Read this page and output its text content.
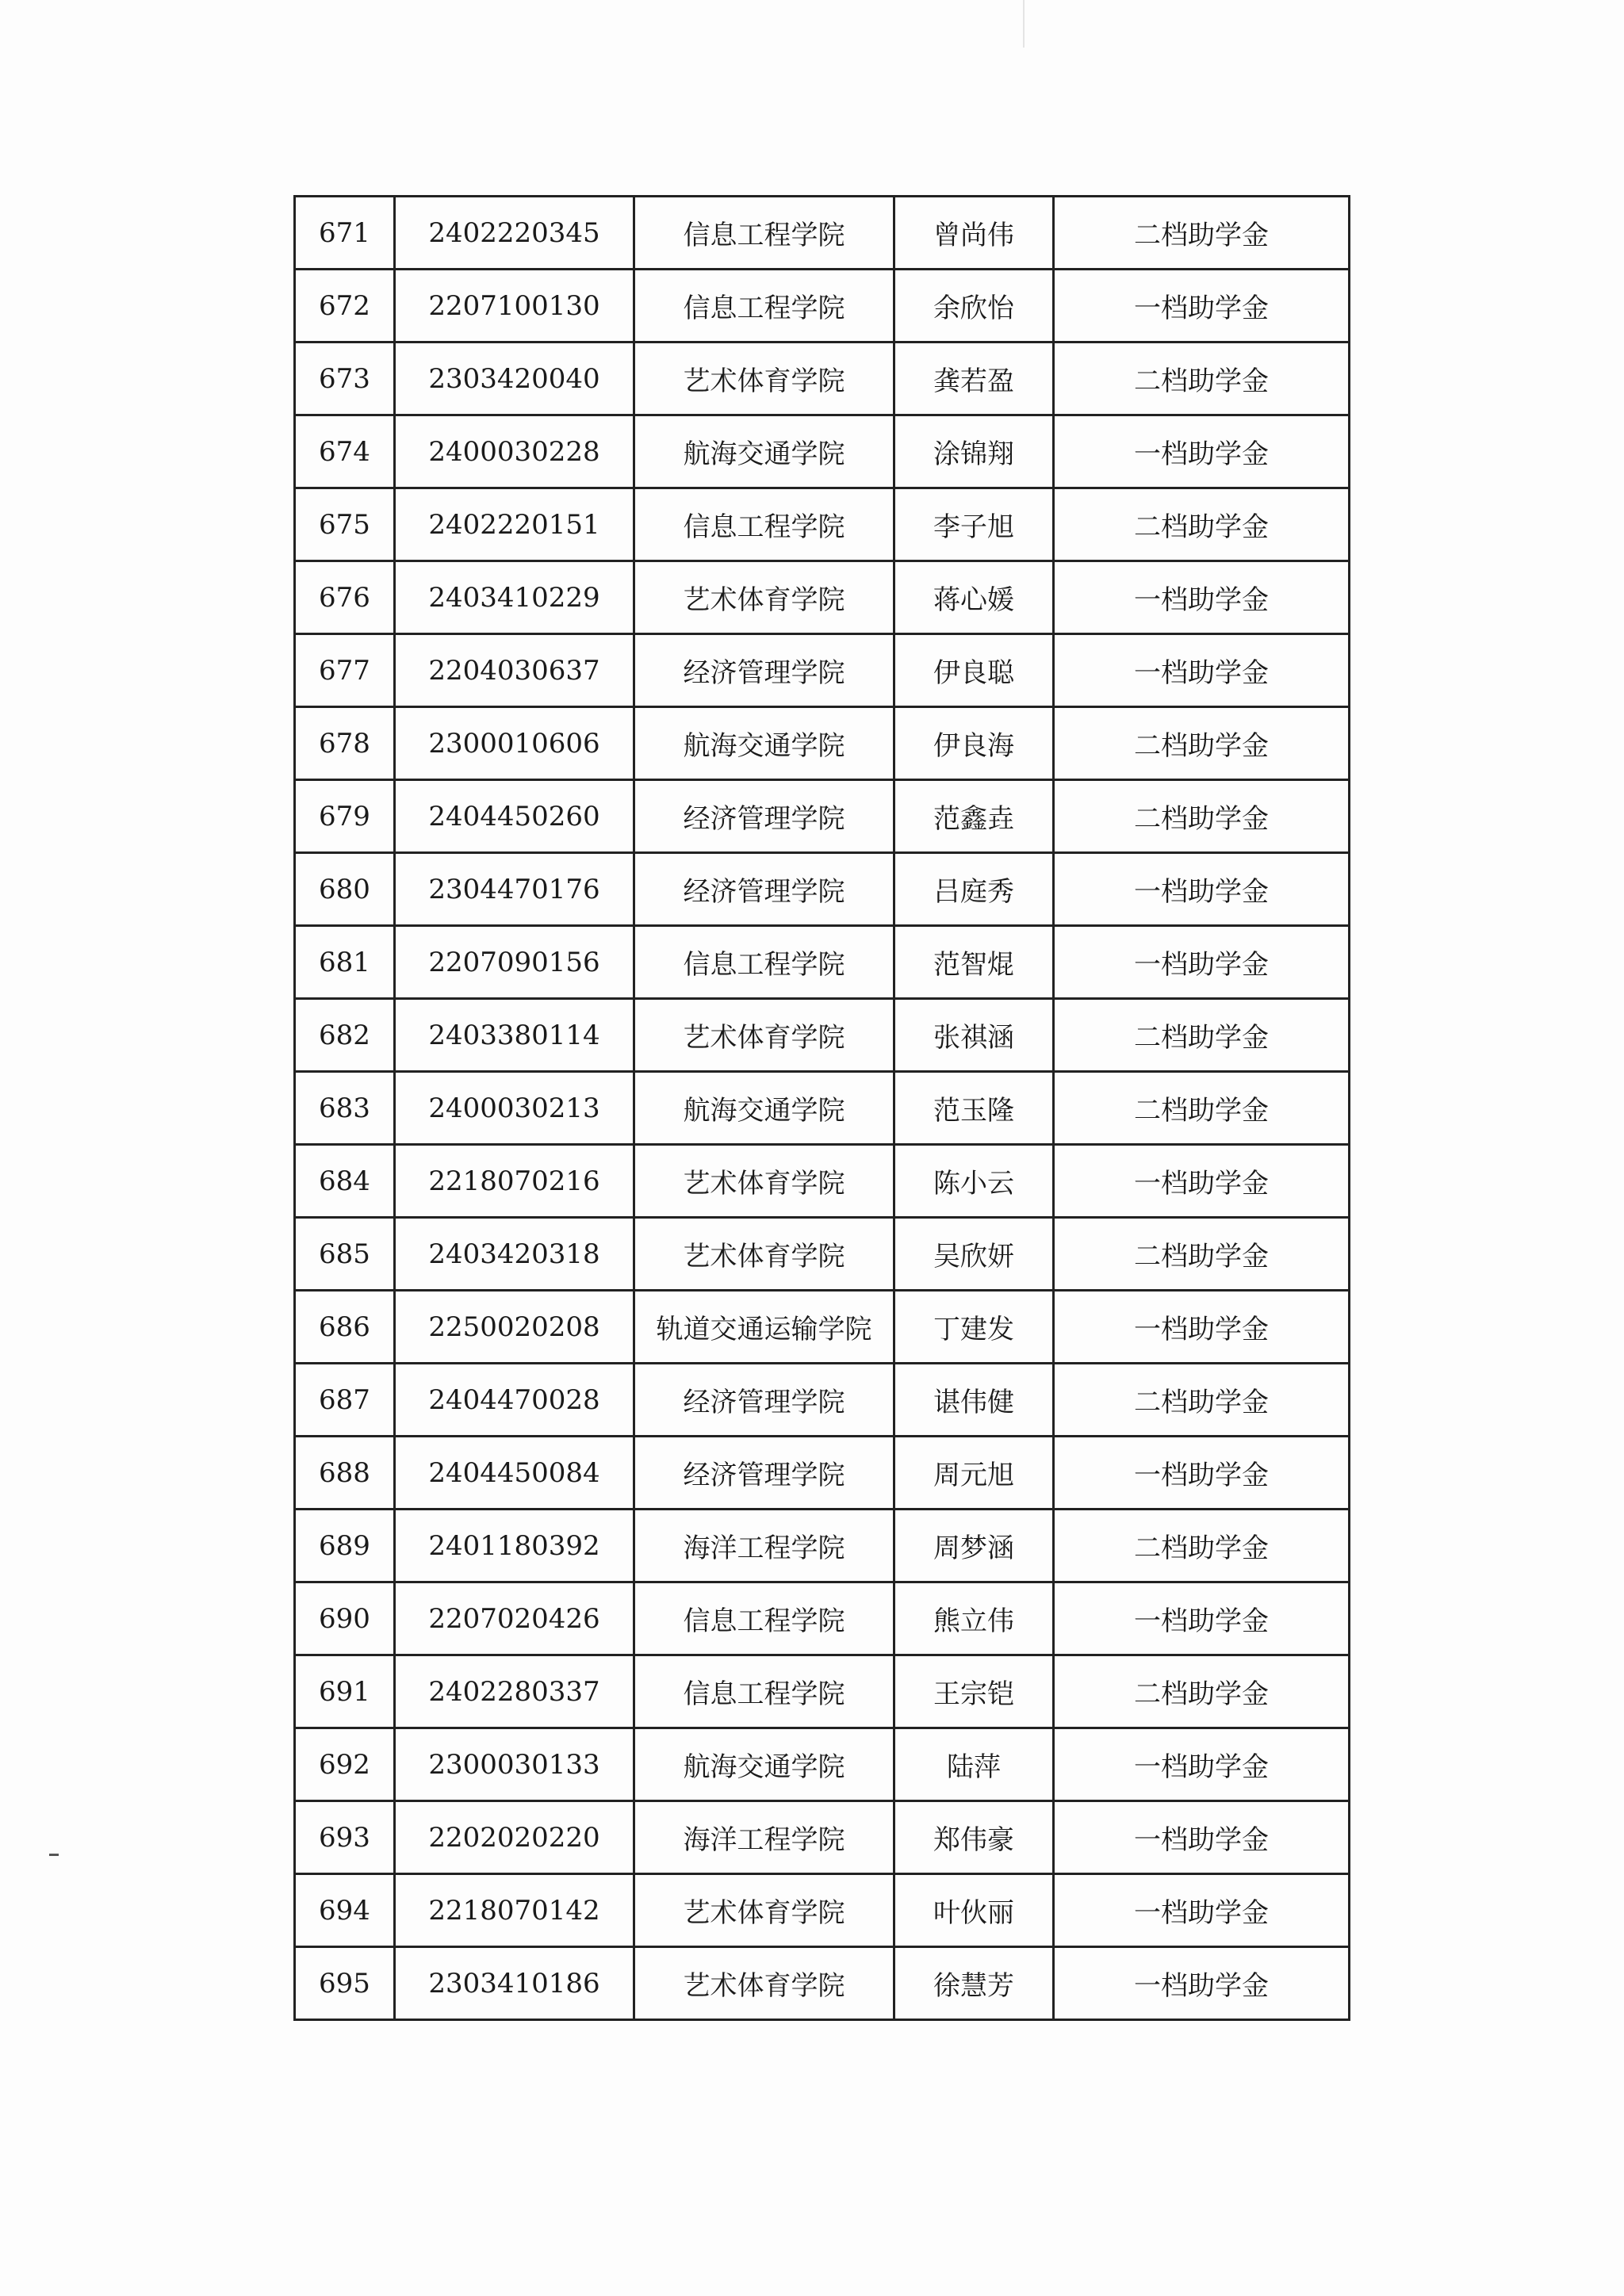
671	2402220345	信息工程学院	曾尚伟	二档助学金
672	2207100130	信息工程学院	余欣怡	一档助学金
673	2303420040	艺术体育学院	龚若盈	二档助学金
674	2400030228	航海交通学院	涂锦翔	一档助学金
675	2402220151	信息工程学院	李子旭	二档助学金
676	2403410229	艺术体育学院	蒋心媛	一档助学金
677	2204030637	经济管理学院	伊良聪	一档助学金
678	2300010606	航海交通学院	伊良海	二档助学金
679	2404450260	经济管理学院	范鑫垚	二档助学金
680	2304470176	经济管理学院	吕庭秀	一档助学金
681	2207090156	信息工程学院	范智焜	一档助学金
682	2403380114	艺术体育学院	张祺涵	二档助学金
683	2400030213	航海交通学院	范玉隆	二档助学金
684	2218070216	艺术体育学院	陈小云	一档助学金
685	2403420318	艺术体育学院	吴欣妍	二档助学金
686	2250020208	轨道交通运输学院	丁建发	一档助学金
687	2404470028	经济管理学院	谌伟健	二档助学金
688	2404450084	经济管理学院	周元旭	一档助学金
689	2401180392	海洋工程学院	周梦涵	二档助学金
690	2207020426	信息工程学院	熊立伟	一档助学金
691	2402280337	信息工程学院	王宗铠	二档助学金
692	2300030133	航海交通学院	陆萍	一档助学金
693	2202020220	海洋工程学院	郑伟豪	一档助学金
694	2218070142	艺术体育学院	叶伙丽	一档助学金
695	2303410186	艺术体育学院	徐慧芳	一档助学金
